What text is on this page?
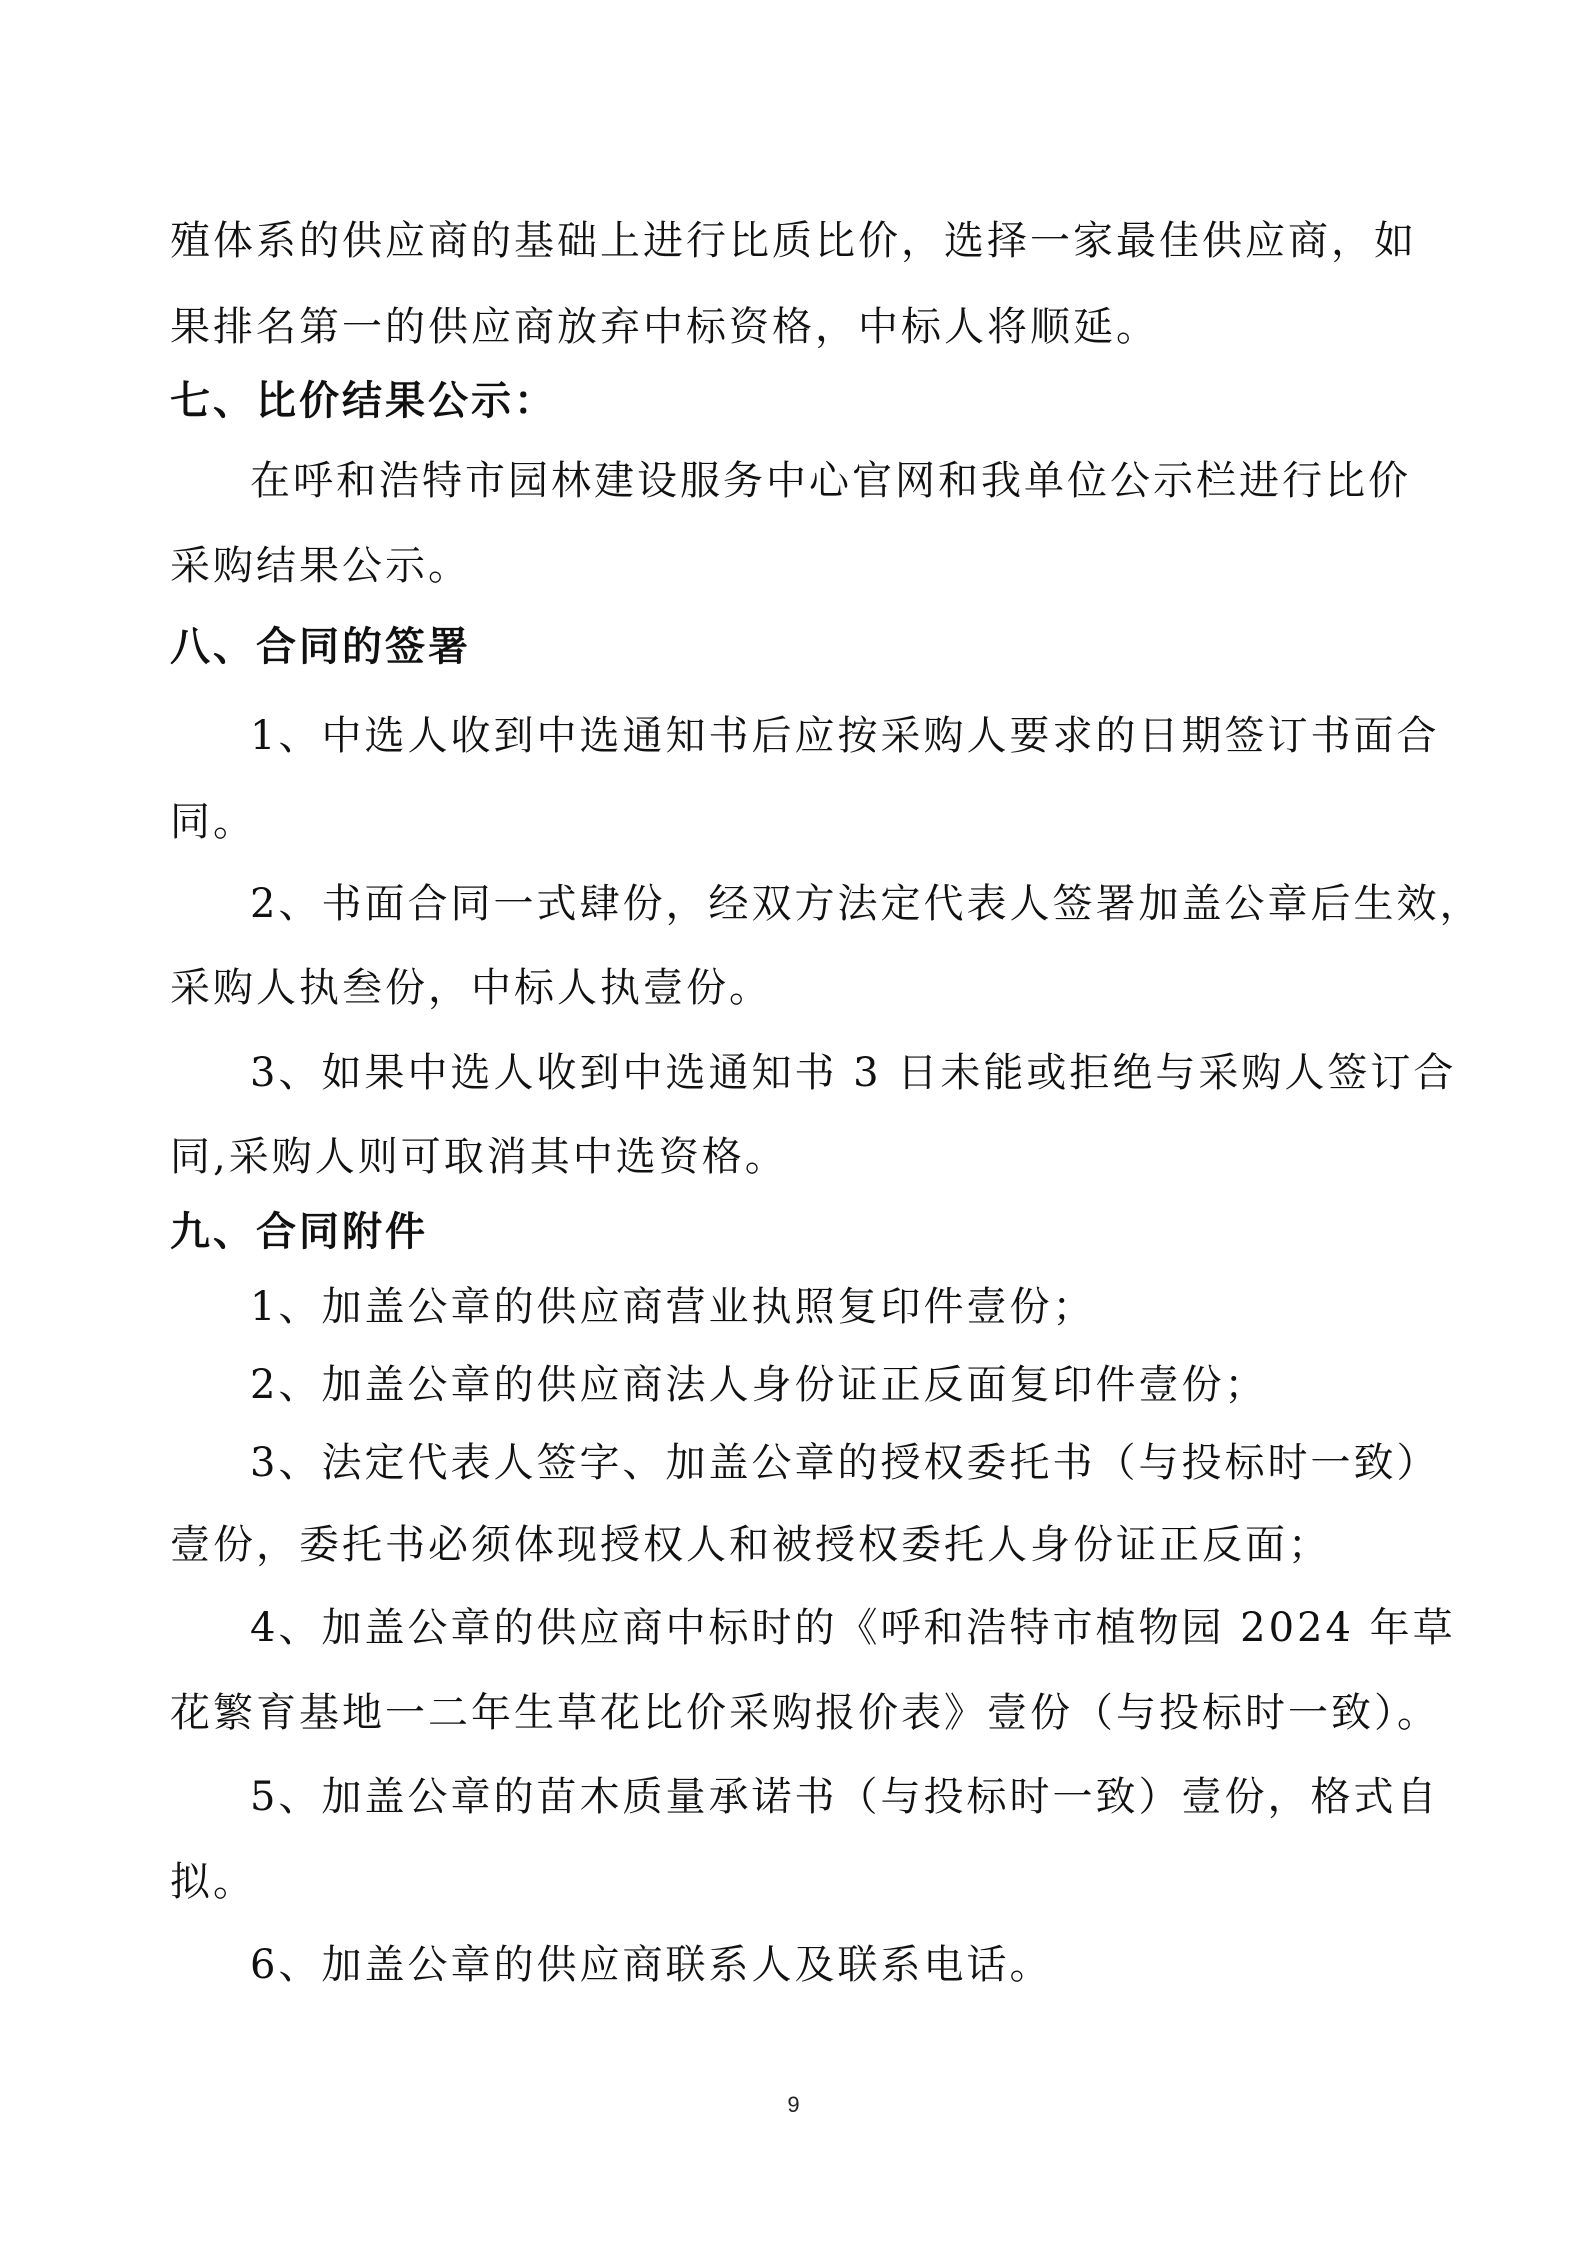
殖体系的供应商的基础上进行比质比价，选择一家最佳供应商，如
果排名第一的供应商放弃中标资格，中标人将顺延。
七、比价结果公示：
在呼和浩特市园林建设服务中心官网和我单位公示栏进行比价
采购结果公示。
八、合同的签署
1、中选人收到中选通知书后应按采购人要求的日期签订书面合
同。
2、书面合同一式肆份，经双方法定代表人签署加盖公章后生效，
采购人执叁份，中标人执壹份。
3、如果中选人收到中选通知书 3 日未能或拒绝与采购人签订合
同,采购人则可取消其中选资格。
九、合同附件
1、加盖公章的供应商营业执照复印件壹份；
2、加盖公章的供应商法人身份证正反面复印件壹份；
3、法定代表人签字、加盖公章的授权委托书（与投标时一致）
壹份，委托书必须体现授权人和被授权委托人身份证正反面；
4、加盖公章的供应商中标时的《呼和浩特市植物园 2024 年草
花繁育基地一二年生草花比价采购报价表》壹份（与投标时一致）。
5、加盖公章的苗木质量承诺书（与投标时一致）壹份，格式自
拟。
6、加盖公章的供应商联系人及联系电话。
9
